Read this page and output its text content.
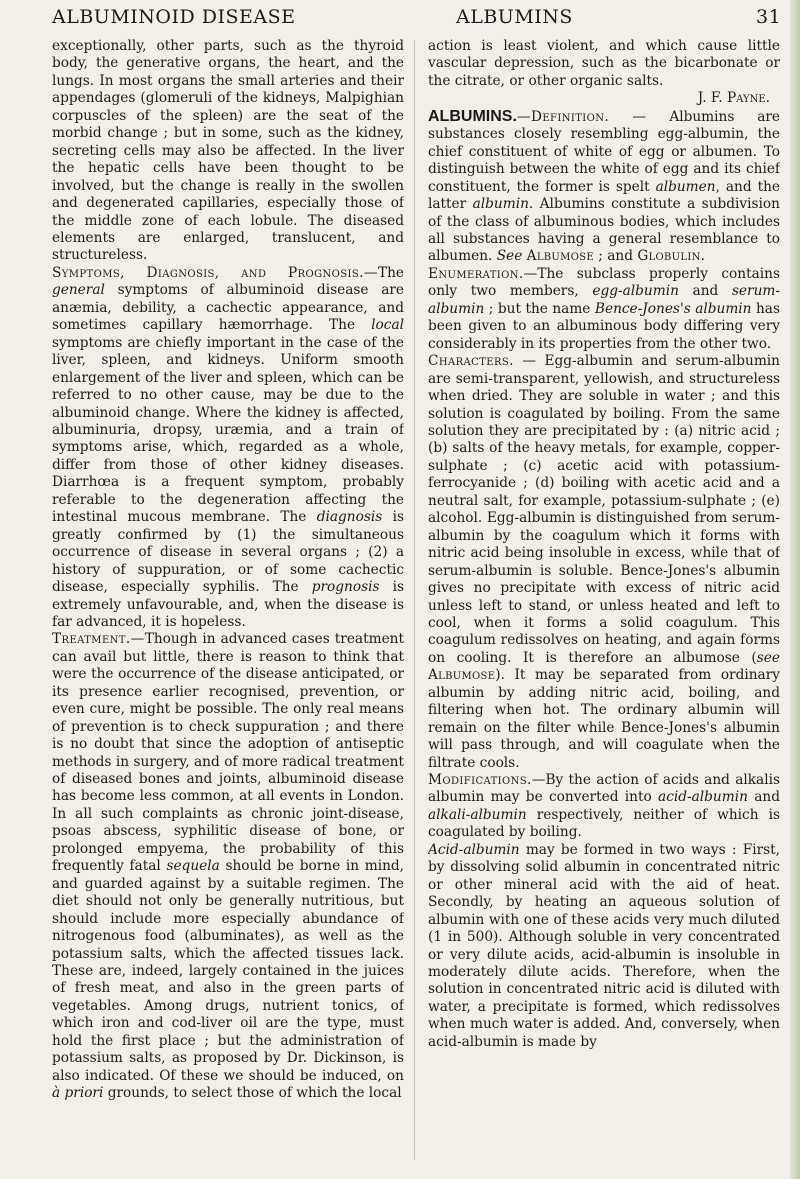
ALBUMINOID DISEASE	ALBUMINS	31

exceptionally, other parts, such as the thyroid body, the generative organs, the heart, and the lungs. In most organs the small arteries and their appendages (glomeruli of the kidneys, Malpighian corpuscles of the spleen) are the seat of the morbid change ; but in some, such as the kidney, secreting cells may also be affected. In the liver the hepatic cells have been thought to be involved, but the change is really in the swollen and degenerated capillaries, especially those of the middle zone of each lobule. The diseased elements are enlarged, translucent, and structureless.

Symptoms, Diagnosis, and Prognosis.—The general symptoms of albuminoid disease are anæmia, debility, a cachectic appearance, and sometimes capillary hæmorrhage. The local symptoms are chiefly important in the case of the liver, spleen, and kidneys. Uniform smooth enlargement of the liver and spleen, which can be referred to no other cause, may be due to the albuminoid change. Where the kidney is affected, albuminuria, dropsy, uræmia, and a train of symptoms arise, which, regarded as a whole, differ from those of other kidney diseases. Diarrhœa is a frequent symptom, probably referable to the degeneration affecting the intestinal mucous membrane. The diagnosis is greatly confirmed by (1) the simultaneous occurrence of disease in several organs ; (2) a history of suppuration, or of some cachectic disease, especially syphilis. The prognosis is extremely unfavourable, and, when the disease is far advanced, it is hopeless.

Treatment.—Though in advanced cases treatment can avail but little, there is reason to think that were the occurrence of the disease anticipated, or its presence earlier recognised, prevention, or even cure, might be possible. The only real means of prevention is to check suppuration ; and there is no doubt that since the adoption of antiseptic methods in surgery, and of more radical treatment of diseased bones and joints, albuminoid disease has become less common, at all events in London. In all such complaints as chronic joint-disease, psoas abscess, syphilitic disease of bone, or prolonged empyema, the probability of this frequently fatal sequela should be borne in mind, and guarded against by a suitable regimen. The diet should not only be generally nutritious, but should include more especially abundance of nitrogenous food (albuminates), as well as the potassium salts, which the affected tissues lack. These are, indeed, largely contained in the juices of fresh meat, and also in the green parts of vegetables. Among drugs, nutrient tonics, of which iron and cod-liver oil are the type, must hold the first place ; but the administration of potassium salts, as proposed by Dr. Dickinson, is also indicated. Of these we should be induced, on à priori grounds, to select those of which the local

action is least violent, and which cause little vascular depression, such as the bicarbonate or the citrate, or other organic salts.

J. F. Payne.

ALBUMINS.—Definition. — Albumins are substances closely resembling egg-albumin, the chief constituent of white of egg or albumen. To distinguish between the white of egg and its chief constituent, the former is spelt albumen, and the latter albumin. Albumins constitute a subdivision of the class of albuminous bodies, which includes all substances having a general resemblance to albumen. See Albumose ; and Globulin.

Enumeration.—The subclass properly contains only two members, egg-albumin and serum-albumin ; but the name Bence-Jones's albumin has been given to an albuminous body differing very considerably in its properties from the other two.

Characters. — Egg-albumin and serum-albumin are semi-transparent, yellowish, and structureless when dried. They are soluble in water ; and this solution is coagulated by boiling. From the same solution they are precipitated by : (a) nitric acid ; (b) salts of the heavy metals, for example, copper-sulphate ; (c) acetic acid with potassium-ferrocyanide ; (d) boiling with acetic acid and a neutral salt, for example, potassium-sulphate ; (e) alcohol. Egg-albumin is distinguished from serum-albumin by the coagulum which it forms with nitric acid being insoluble in excess, while that of serum-albumin is soluble. Bence-Jones's albumin gives no precipitate with excess of nitric acid unless left to stand, or unless heated and left to cool, when it forms a solid coagulum. This coagulum redissolves on heating, and again forms on cooling. It is therefore an albumose (see Albumose). It may be separated from ordinary albumin by adding nitric acid, boiling, and filtering when hot. The ordinary albumin will remain on the filter while Bence-Jones's albumin will pass through, and will coagulate when the filtrate cools.

Modifications.—By the action of acids and alkalis albumin may be converted into acid-albumin and alkali-albumin respectively, neither of which is coagulated by boiling.

Acid-albumin may be formed in two ways : First, by dissolving solid albumin in concentrated nitric or other mineral acid with the aid of heat. Secondly, by heating an aqueous solution of albumin with one of these acids very much diluted (1 in 500). Although soluble in very concentrated or very dilute acids, acid-albumin is insoluble in moderately dilute acids. Therefore, when the solution in concentrated nitric acid is diluted with water, a precipitate is formed, which redissolves when much water is added. And, conversely, when acid-albumin is made by
